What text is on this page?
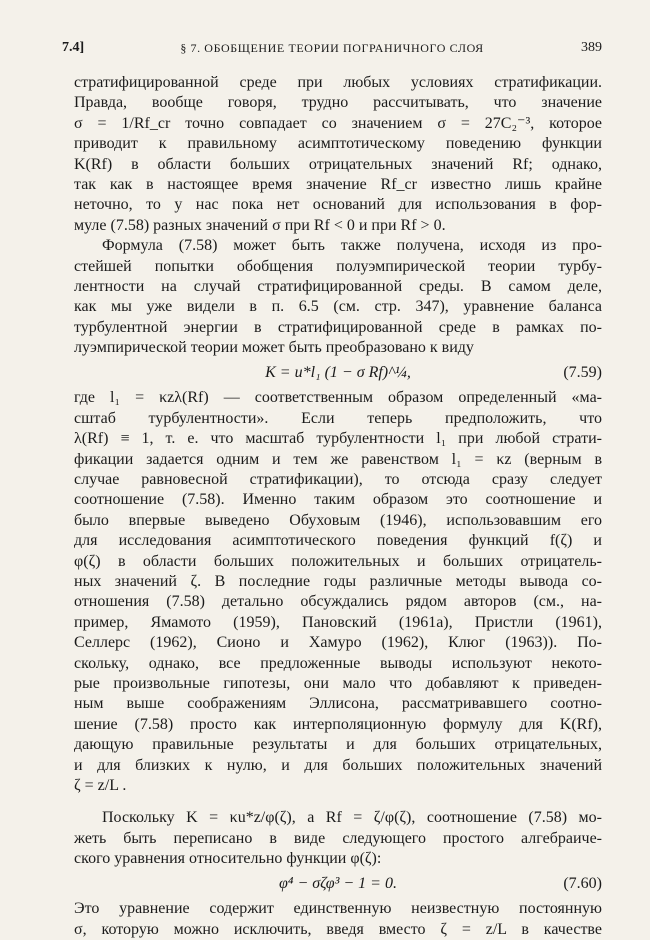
7.4]	§ 7. ОБОБЩЕНИЕ ТЕОРИИ ПОГРАНИЧНОГО СЛОЯ	389
стратифицированной среде при любых условиях стратификации.
Правда, вообще говоря, трудно рассчитывать, что значение
σ = 1/Rf_cr точно совпадает со значением σ = 27C₂⁻³, которое
приводит к правильному асимптотическому поведению функции
K(Rf) в области больших отрицательных значений Rf; однако,
так как в настоящее время значение Rf_cr известно лишь крайне
неточно, то у нас пока нет оснований для использования в фор-
муле (7.58) разных значений σ при Rf < 0 и при Rf > 0.
Формула (7.58) может быть также получена, исходя из про-
стейшей попытки обобщения полуэмпирической теории турбу-
лентности на случай стратифицированной среды. В самом деле,
как мы уже видели в п. 6.5 (см. стр. 347), уравнение баланса
турбулентной энергии в стратифицированной среде в рамках по-
луэмпирической теории может быть преобразовано к виду
K = u*l₁ (1 − σ Rf)^¼,	(7.59)
где l₁ = κzλ(Rf) — соответственным образом определенный «ма-
сштаб турбулентности». Если теперь предположить, что
λ(Rf) ≡ 1, т. е. что масштаб турбулентности l₁ при любой страти-
фикации задается одним и тем же равенством l₁ = κz (верным в
случае равновесной стратификации), то отсюда сразу следует
соотношение (7.58). Именно таким образом это соотношение и
было впервые выведено Обуховым (1946), использовавшим его
для исследования асимптотического поведения функций f(ζ) и
φ(ζ) в области больших положительных и больших отрицатель-
ных значений ζ. В последние годы различные методы вывода со-
отношения (7.58) детально обсуждались рядом авторов (см., на-
пример, Ямамото (1959), Пановский (1961а), Пристли (1961),
Селлерс (1962), Сионо и Хамуро (1962), Клюг (1963)). По-
скольку, однако, все предложенные выводы используют некото-
рые произвольные гипотезы, они мало что добавляют к приведен-
ным выше соображениям Эллисона, рассматривавшего соотно-
шение (7.58) просто как интерполяционную формулу для K(Rf),
дающую правильные результаты и для больших отрицательных,
и для близких к нулю, и для больших положительных значений
ζ = z/L .
Поскольку K = κu*z/φ(ζ), а Rf = ζ/φ(ζ), соотношение (7.58) мо-
жеть быть переписано в виде следующего простого алгебраиче-
ского уравнения относительно функции φ(ζ):
φ⁴ − σζφ³ − 1 = 0.	(7.60)
Это уравнение содержит единственную неизвестную постоянную
σ, которую можно исключить, введя вместо ζ = z/L в качестве
